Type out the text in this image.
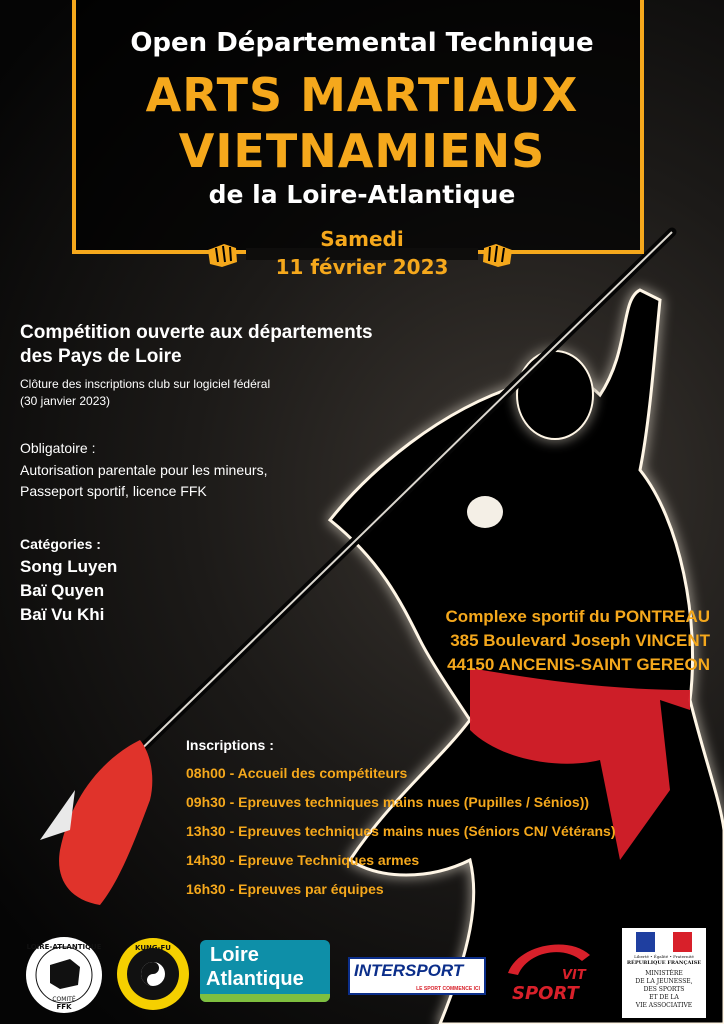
Open Départemental Technique
ARTS MARTIAUX
VIETNAMIENS
de la Loire-Atlantique
Samedi
11 février 2023
Compétition ouverte aux départements
des Pays de Loire
Clôture des inscriptions club sur logiciel fédéral
(30 janvier 2023)
Obligatoire :
Autorisation parentale pour les mineurs,
Passeport sportif, licence FFK
Catégories :
Song Luyen
Baï Quyen
Baï Vu Khi	Complexe sportif du PONTREAU
385 Boulevard Joseph VINCENT
44150 ANCENIS-SAINT GEREON
Inscriptions :
08h00 - Accueil des compétiteurs
09h30 - Epreuves techniques mains nues (Pupilles / Sénios))
13h30 - Epreuves techniques mains nues (Séniors CN/ Vétérans)
14h30 - Epreuve Techniques armes
16h30 - Epreuves par équipes
LOIRE-ATLANTIQUE
COMITÉ
FFK
KUNG-FU Loire
Atlantique	INTERSPORT
LE SPORT COMMENCE ICI
VIT
SPORT
Liberté • Égalité • Fraternité
RÉPUBLIQUE FRANÇAISE
MINISTÈRE
DE LA JEUNESSE,
DES SPORTS
ET DE LA
VIE ASSOCIATIVE
